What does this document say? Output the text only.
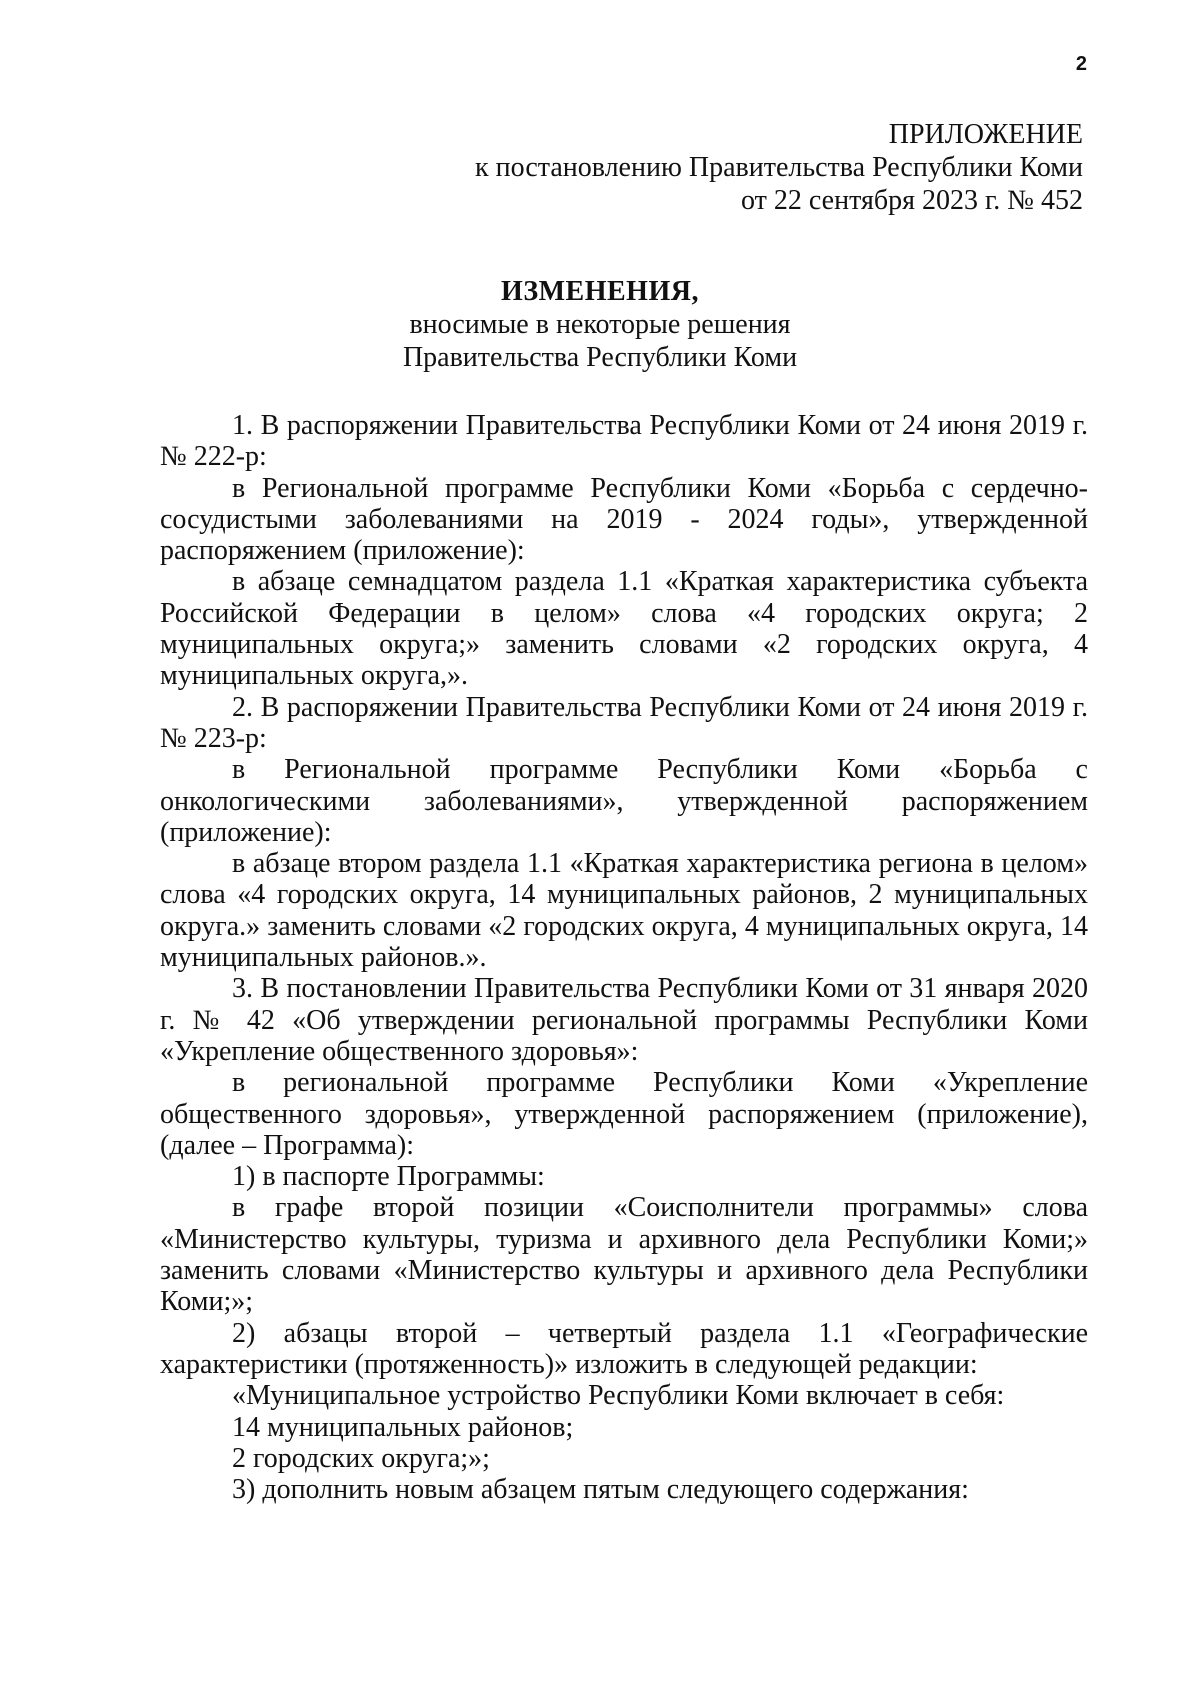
2
ПРИЛОЖЕНИЕ
к постановлению Правительства Республики Коми
от 22 сентября 2023 г. № 452
ИЗМЕНЕНИЯ,
вносимые в некоторые решения
Правительства Республики Коми

1. В распоряжении Правительства Республики Коми от 24 июня 2019 г. № 222-р:

в Региональной программе Республики Коми «Борьба с сердечно-сосудистыми заболеваниями на 2019 - 2024 годы», утвержденной распоряжением (приложение):

в абзаце семнадцатом раздела 1.1 «Краткая характеристика субъекта Российской Федерации в целом» слова «4 городских округа; 2 муниципальных округа;» заменить словами «2 городских округа, 4 муниципальных округа,».

2. В распоряжении Правительства Республики Коми от 24 июня 2019 г. № 223-р:

в Региональной программе Республики Коми «Борьба с онкологическими заболеваниями», утвержденной распоряжением (приложение):

в абзаце втором раздела 1.1 «Краткая характеристика региона в целом» слова «4 городских округа, 14 муниципальных районов, 2 муниципальных округа.» заменить словами «2 городских округа, 4 муниципальных округа, 14 муниципальных районов.».

3. В постановлении Правительства Республики Коми от 31 января 2020 г. № 42 «Об утверждении региональной программы Республики Коми «Укрепление общественного здоровья»:

в региональной программе Республики Коми «Укрепление общественного здоровья», утвержденной распоряжением (приложение), (далее – Программа):

1) в паспорте Программы:

в графе второй позиции «Соисполнители программы» слова «Министерство культуры, туризма и архивного дела Республики Коми;» заменить словами «Министерство культуры и архивного дела Республики Коми;»;

2) абзацы второй – четвертый раздела 1.1 «Географические характеристики (протяженность)» изложить в следующей редакции:

«Муниципальное устройство Республики Коми включает в себя:

14 муниципальных районов;

2 городских округа;»;

3) дополнить новым абзацем пятым следующего содержания:
